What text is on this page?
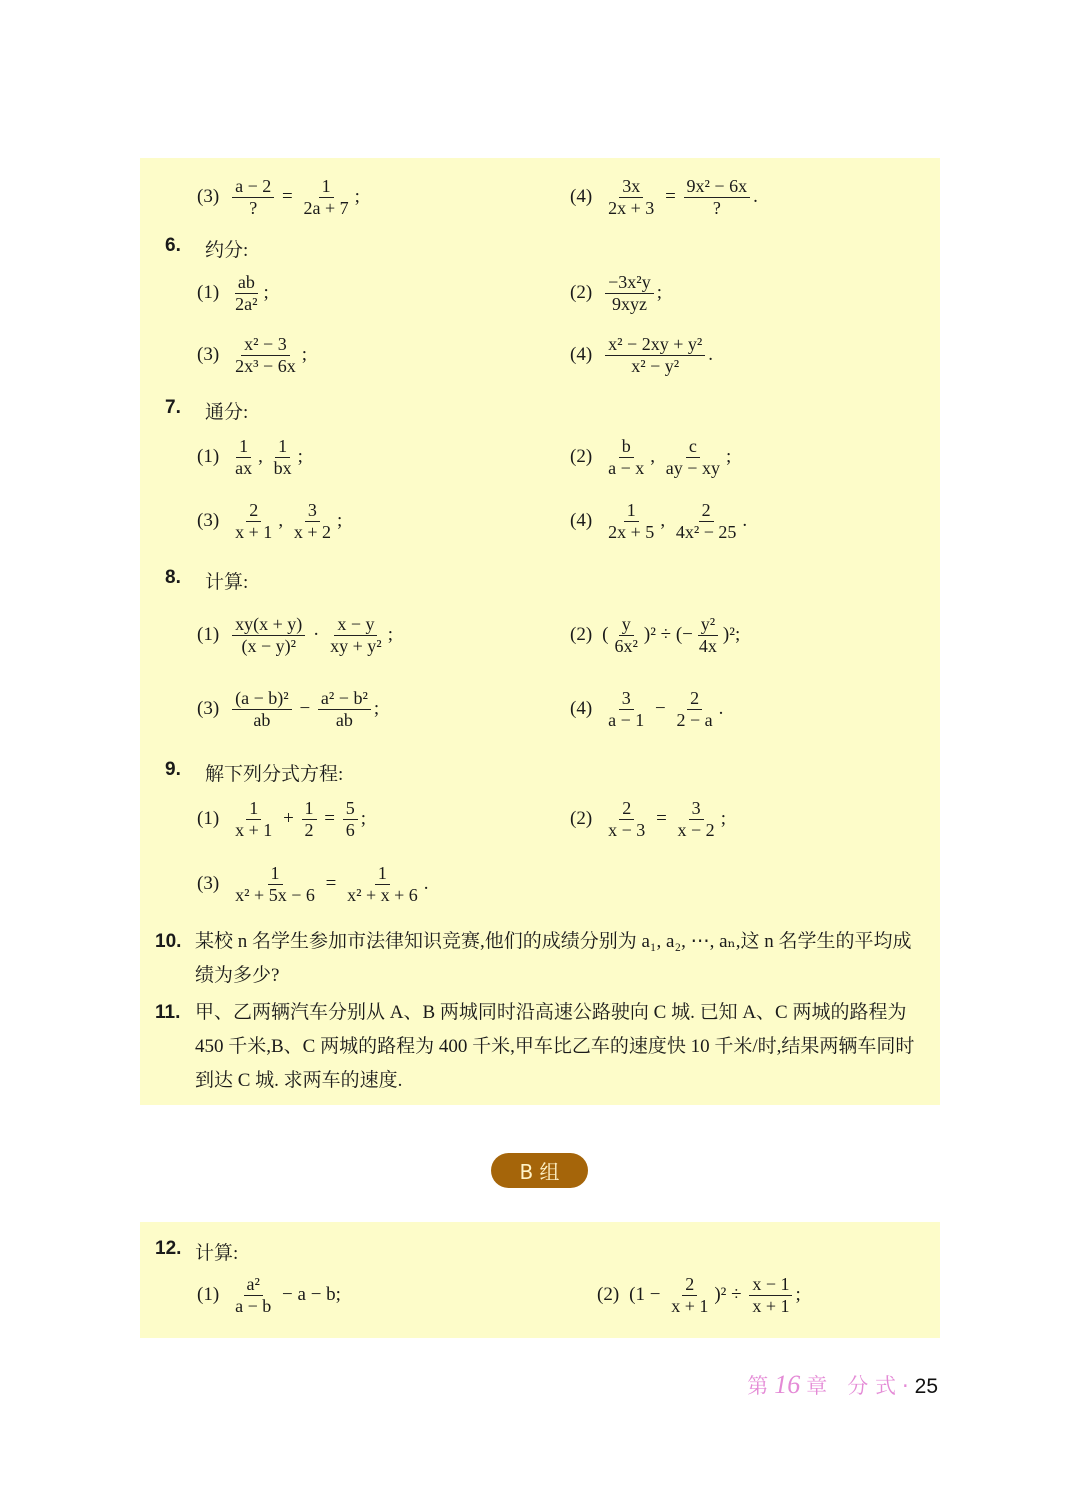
$(3) \frac{a - 2}{?} = \frac{1}{2a + 7}$ ;	$(4) \frac{3x}{2x + 3} = \frac{\text{9x² − 6x}}{?}$ .
6.	约分:
$(1) \frac{ab}{\text{2a²}}$ ;	$(2) \frac{\text{−3x²y}}{\text{9xyz}}$ ;
$(3) \frac{\text{x² − 3}}{\text{2x³ − 6x}}$ ;	$(4) \frac{\text{x² − 2xy + y²}}{\text{x² − y²}}$ .
7.	通分:
$(1) \frac{1}{ax}$ , $\frac{1}{bx}$ ;	$(2) \frac{b}{a - x}$ , $\frac{c}{ay - xy}$ ;
$(3) \frac{2}{x + 1}$ , $\frac{3}{x + 2}$ ;	$(4) \frac{1}{2x + 5}$ , $\frac{2}{\text{4x² − 25}}$ .
8.	计算:
$(1) \frac{xy(x + y)}{\text{(x − y)²}} \cdot \frac{x - y}{\text{xy + y²}}$ ;	(2) ( $\frac{y}{\text{6x²}} )^2$ ÷ (− $\frac{\text{y²}}{4x} )^2$ ;
$(3) \frac{\text{(a − b)²}}{ab} - \frac{\text{a² − b²}}{ab}$ ;	$(4) \frac{3}{a - 1} - \frac{2}{2 - a}$ .
9.	解下列分式方程:
$(1) \frac{1}{x + 1} + \frac{1}{2} = \frac{5}{6}$ ;	$(2) \frac{2}{x - 3} = \frac{3}{x - 2}$ ;
$(3) \frac{1}{\text{x² + 5x − 6}} = \frac{1}{\text{x² + x + 6}}$ .
10. 某校 n 名学生参加市法律知识竞赛,他们的成绩分别为 a₁, a₂, ⋯, aₙ,这 n 名学生的平均成绩为多少?
11. 甲、乙两辆汽车分别从 A、B 两城同时沿高速公路驶向 C 城. 已知 A、C 两城的路程为 450 千米,B、C 两城的路程为 400 千米,甲车比乙车的速度快 10 千米/时,结果两辆车同时到达 C 城. 求两车的速度.
B 组
12. 计算:
$(1) \frac{\text{a²}}{a - b} - a - b$;	(2) $(1 - \frac{2}{x + 1} )^2 \div \frac{x - 1}{x + 1}$ ;
第 16 章 分 式 · 25
